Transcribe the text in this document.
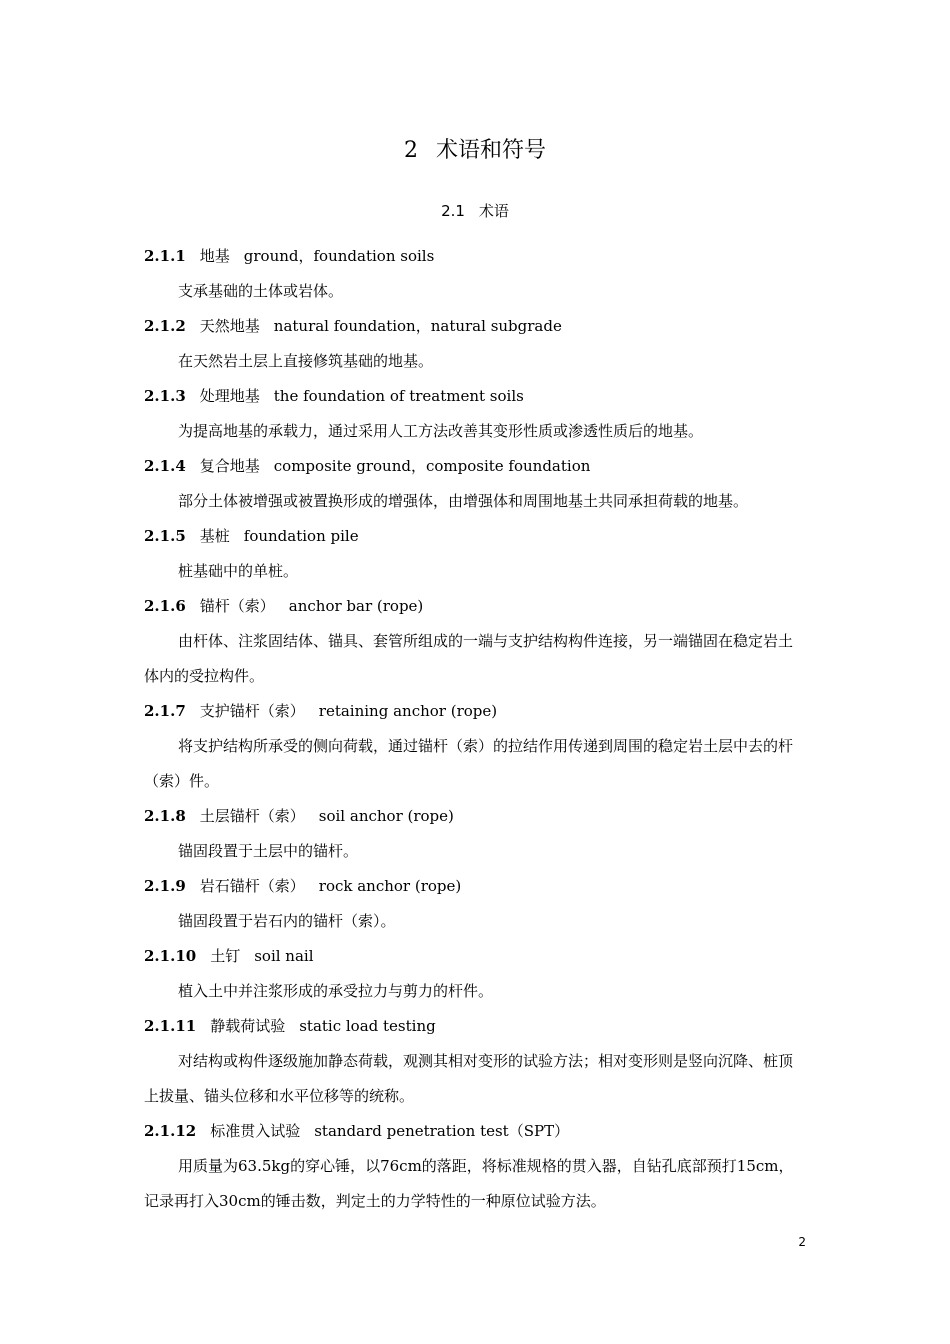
2 术语和符号
2.1 术语
2.1.1 地基 ground，foundation soils

支承基础的土体或岩体。

2.1.2 天然地基 natural foundation，natural subgrade

在天然岩土层上直接修筑基础的地基。

2.1.3 处理地基 the foundation of treatment soils

为提高地基的承载力，通过采用人工方法改善其变形性质或渗透性质后的地基。

2.1.4 复合地基 composite ground，composite foundation

部分土体被增强或被置换形成的增强体，由增强体和周围地基土共同承担荷载的地基。

2.1.5 基桩 foundation pile

桩基础中的单桩。

2.1.6 锚杆（索） anchor bar (rope)

由杆体、注浆固结体、锚具、套管所组成的一端与支护结构构件连接，另一端锚固在稳定岩土体内的受拉构件。

2.1.7 支护锚杆（索） retaining anchor (rope)

将支护结构所承受的侧向荷载，通过锚杆（索）的拉结作用传递到周围的稳定岩土层中去的杆（索）件。

2.1.8 土层锚杆（索） soil anchor (rope)

锚固段置于土层中的锚杆。

2.1.9 岩石锚杆（索） rock anchor (rope)

锚固段置于岩石内的锚杆（索）。

2.1.10 土钉 soil nail

植入土中并注浆形成的承受拉力与剪力的杆件。

2.1.11 静载荷试验 static load testing

对结构或构件逐级施加静态荷载，观测其相对变形的试验方法；相对变形则是竖向沉降、桩顶上拔量、锚头位移和水平位移等的统称。

2.1.12 标准贯入试验 standard penetration test（SPT）

用质量为63.5kg的穿心锤，以76cm的落距，将标准规格的贯入器，自钻孔底部预打15cm，记录再打入30cm的锤击数，判定土的力学特性的一种原位试验方法。

2
